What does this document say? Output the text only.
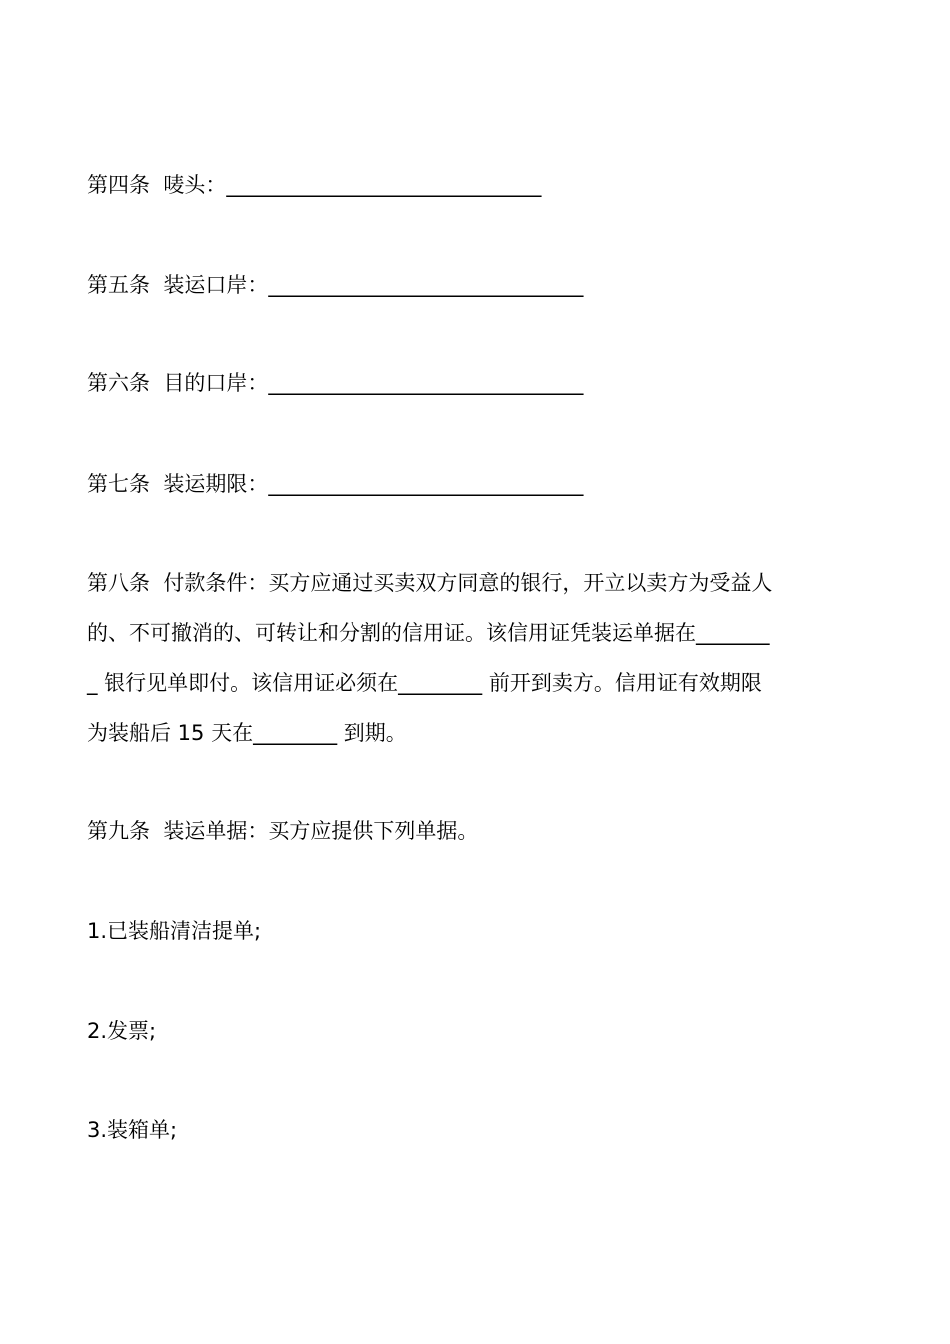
第四条  唛头：______________________________
第五条  装运口岸：______________________________
第六条  目的口岸：______________________________
第七条  装运期限：______________________________
第八条  付款条件：买方应通过买卖双方同意的银行，开立以卖方为受益人
的、不可撤消的、可转让和分割的信用证。该信用证凭装运单据在_______
_ 银行见单即付。该信用证必须在________ 前开到卖方。信用证有效期限
为装船后 15 天在________ 到期。
第九条  装运单据：买方应提供下列单据。
1.已装船清洁提单;
2.发票;
3.装箱单;
